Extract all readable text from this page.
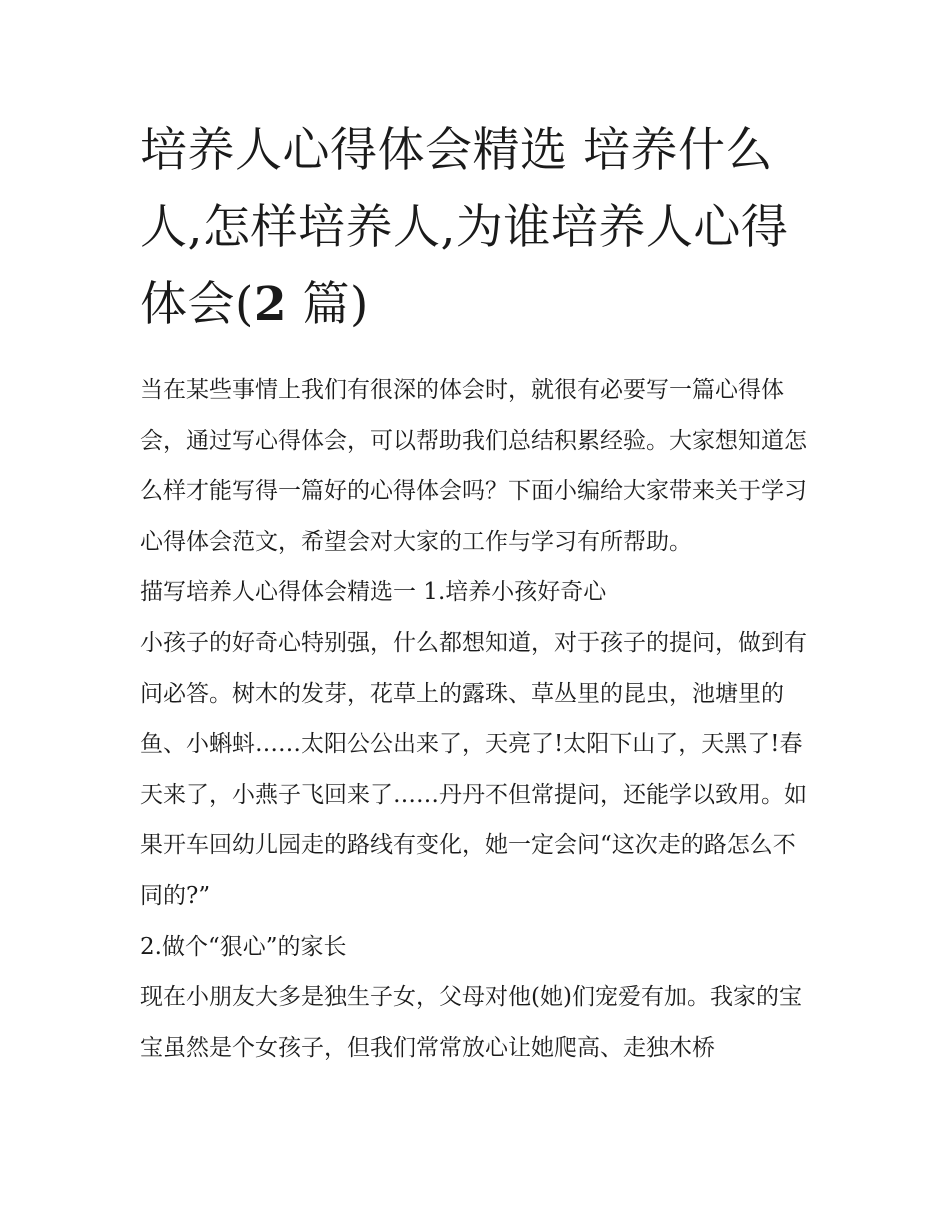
培养人心得体会精选 培养什么人,怎样培养人,为谁培养人心得体会(2 篇)

当在某些事情上我们有很深的体会时，就很有必要写一篇心得体会，通过写心得体会，可以帮助我们总结积累经验。大家想知道怎么样才能写得一篇好的心得体会吗？下面小编给大家带来关于学习心得体会范文，希望会对大家的工作与学习有所帮助。

描写培养人心得体会精选一 1.培养小孩好奇心

小孩子的好奇心特别强，什么都想知道，对于孩子的提问，做到有问必答。树木的发芽，花草上的露珠、草丛里的昆虫，池塘里的鱼、小蝌蚪……太阳公公出来了，天亮了!太阳下山了，天黑了!春天来了，小燕子飞回来了……丹丹不但常提问，还能学以致用。如果开车回幼儿园走的路线有变化，她一定会问“这次走的路怎么不同的?”

2.做个“狠心”的家长

现在小朋友大多是独生子女，父母对他(她)们宠爱有加。我家的宝宝虽然是个女孩子，但我们常常放心让她爬高、走独木桥
